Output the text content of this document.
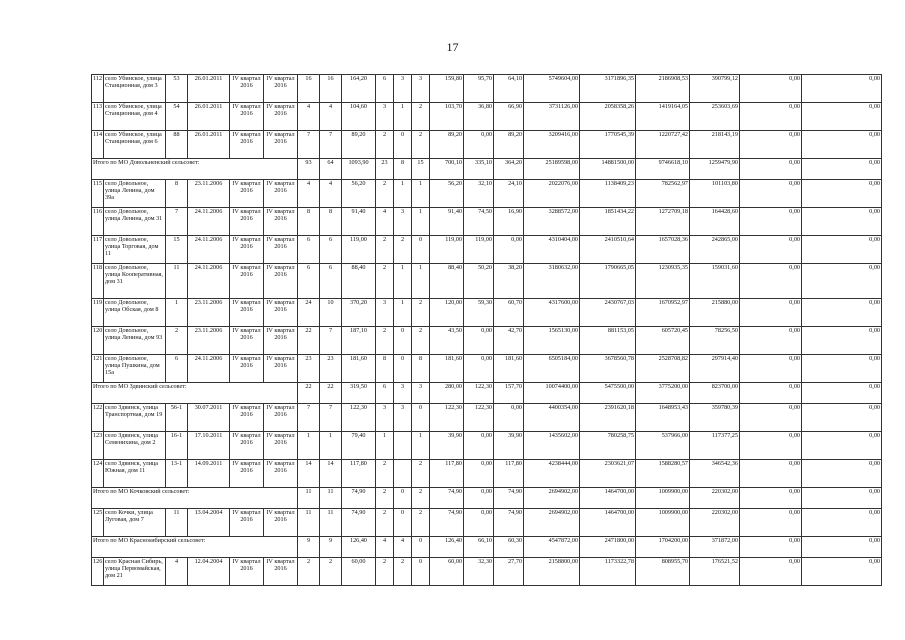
17
112	село Убинское, улица Станционная, дом 3	53	26.01.2011	IV квартал 2016	IV квартал 2016	16	16	164,20	6	3	3	159,80	95,70	64,10	5749604,00	3171896,35	2186908,53	390799,12	0,00	0,00
113	село Убинское, улица Станционная, дом 4	54	26.01.2011	IV квартал 2016	IV квартал 2016	4	4	104,60	3	1	2	103,70	36,80	66,90	3731126,00	2058358,26	1419164,05	253603,69	0,00	0,00
114	село Убинское, улица Станционная, дом 6	88	26.01.2011	IV квартал 2016	IV квартал 2016	7	7	89,20	2	0	2	89,20	0,00	89,20	3209416,00	1770545,39	1220727,42	218143,19	0,00	0,00
Итого по МО Довольненский сельсовет:						93	64	1093,90	23	8	15	700,10	335,10	364,20	25189598,00	14881500,00	9746618,10	1259479,90	0,00	0,00
115	село Довольное, улица Ленина, дом 39а	8	23.11.2006	IV квартал 2016	IV квартал 2016	4	4	56,20	2	1	1	56,20	32,10	24,10	2022076,00	1138409,23	782562,97	101103,80	0,00	0,00
116	село Довольное, улица Ленина, дом 31	7	24.11.2006	IV квартал 2016	IV квартал 2016	8	8	91,40	4	3	1	91,40	74,50	16,90	3288572,00	1851434,22	1272709,18	164428,60	0,00	0,00
117	село Довольное, улица Торговая, дом 11	15	24.11.2006	IV квартал 2016	IV квартал 2016	6	6	119,00	2	2	0	119,00	119,00	0,00	4310404,00	2410510,64	1657028,36	242865,00	0,00	0,00
118	село Довольное, улица Кооперативная, дом 31	11	24.11.2006	IV квартал 2016	IV квартал 2016	6	6	88,40	2	1	1	88,40	50,20	38,20	3180632,00	1790665,05	1230935,35	159031,60	0,00	0,00
119	село Довольное, улица Обская, дом 8	1	23.11.2006	IV квартал 2016	IV квартал 2016	24	10	370,20	3	1	2	120,00	59,30	60,70	4317600,00	2430767,03	1670952,97	215880,00	0,00	0,00
120	село Довольное, улица Ленина, дом 93	2	23.11.2006	IV квартал 2016	IV квартал 2016	22	7	187,10	2	0	2	43,50	0,00	42,70	1565130,00	881153,05	605720,45	78256,50	0,00	0,00
121	село Довольное, улица Пушкина, дом 15а	6	24.11.2006	IV квартал 2016	IV квартал 2016	23	23	181,60	8	0	8	181,60	0,00	181,60	6505184,00	3678560,78	2528708,82	297914,40	0,00	0,00
Итого по МО Здвинский сельсовет:						22	22	319,50	6	3	3	280,00	122,30	157,70	10074400,00	5475500,00	3775200,00	823700,00	0,00	0,00
122	село Здвинск, улица Транспортная, дом 19	56-1	30.07.2011	IV квартал 2016	IV квартал 2016	7	7	122,30	3	3	0	122,30	122,30	0,00	4400354,00	2391620,18	1648953,43	359780,39	0,00	0,00
123	село Здвинск, улица Семенихина, дом 2	16-1	17.10.2011	IV квартал 2016	IV квартал 2016	1	1	79,40	1		1	39,90	0,00	39,90	1435602,00	780258,75	537966,00	117377,25	0,00	0,00
124	село Здвинск, улица Южная, дом 11	13-1	14.09.2011	IV квартал 2016	IV квартал 2016	14	14	117,80	2		2	117,80	0,00	117,80	4238444,00	2303621,07	1588280,57	346542,36	0,00	0,00
Итого по МО Кочковский сельсовет:						11	11	74,90	2	0	2	74,90	0,00	74,90	2694902,00	1464700,00	1009900,00	220302,00	0,00	0,00
125	село Кочки, улица Луговая, дом 7	11	13.04.2004	IV квартал 2016	IV квартал 2016	11	11	74,90	2	0	2	74,90	0,00	74,90	2694902,00	1464700,00	1009900,00	220302,00	0,00	0,00
Итого по МО Краснosибирский сельсовет:						9	9	126,40	4	4	0	126,40	66,10	60,30	4547872,00	2471800,00	1704200,00	371872,00	0,00	0,00
126	село Красная Сибирь, улица Первомайская, дом 21	4	12.04.2004	IV квартал 2016	IV квартал 2016	2	2	60,00	2	2	0	60,00	32,30	27,70	2158800,00	1173322,78	808955,70	176521,52	0,00	0,00
